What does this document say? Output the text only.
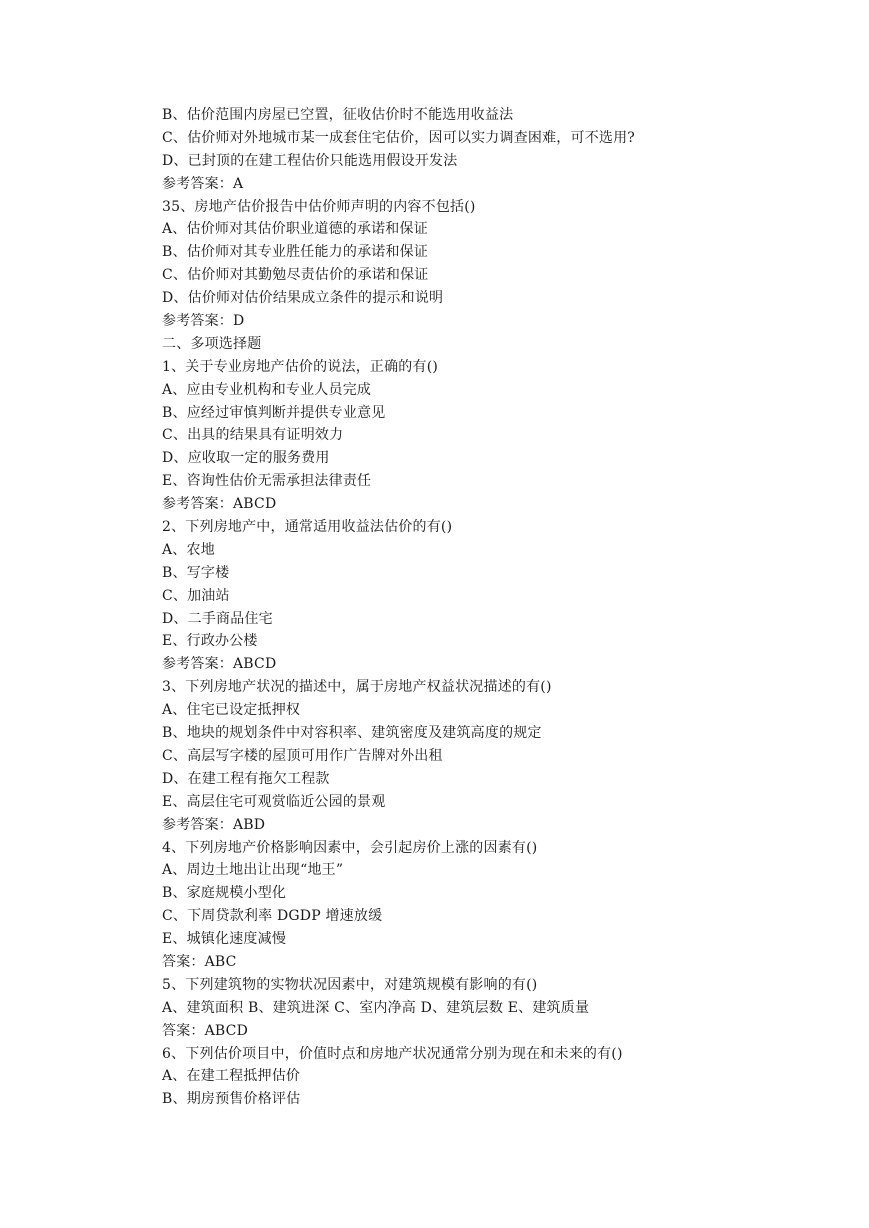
B、估价范围内房屋已空置，征收估价时不能选用收益法
C、估价师对外地城市某一成套住宅估价，因可以实力调查困难，可不选用?
D、已封顶的在建工程估价只能选用假设开发法
参考答案：A
35、房地产估价报告中估价师声明的内容不包括()
A、估价师对其估价职业道德的承诺和保证
B、估价师对其专业胜任能力的承诺和保证
C、估价师对其勤勉尽责估价的承诺和保证
D、估价师对估价结果成立条件的提示和说明
参考答案：D
二、多项选择题
1、关于专业房地产估价的说法，正确的有()
A、应由专业机构和专业人员完成
B、应经过审慎判断并提供专业意见
C、出具的结果具有证明效力
D、应收取一定的服务费用
E、咨询性估价无需承担法律责任
参考答案：ABCD
2、下列房地产中，通常适用收益法估价的有()
A、农地
B、写字楼
C、加油站
D、二手商品住宅
E、行政办公楼
参考答案：ABCD
3、下列房地产状况的描述中，属于房地产权益状况描述的有()
A、住宅已设定抵押权
B、地块的规划条件中对容积率、建筑密度及建筑高度的规定
C、高层写字楼的屋顶可用作广告牌对外出租
D、在建工程有拖欠工程款
E、高层住宅可观赏临近公园的景观
参考答案：ABD
4、下列房地产价格影响因素中，会引起房价上涨的因素有()
A、周边土地出让出现“地王”
B、家庭规模小型化
C、下周贷款利率 DGDP 增速放缓
E、城镇化速度减慢
答案：ABC
5、下列建筑物的实物状况因素中，对建筑规模有影响的有()
A、建筑面积 B、建筑进深 C、室内净高 D、建筑层数 E、建筑质量
答案：ABCD
6、下列估价项目中，价值时点和房地产状况通常分别为现在和未来的有()
A、在建工程抵押估价
B、期房预售价格评估
